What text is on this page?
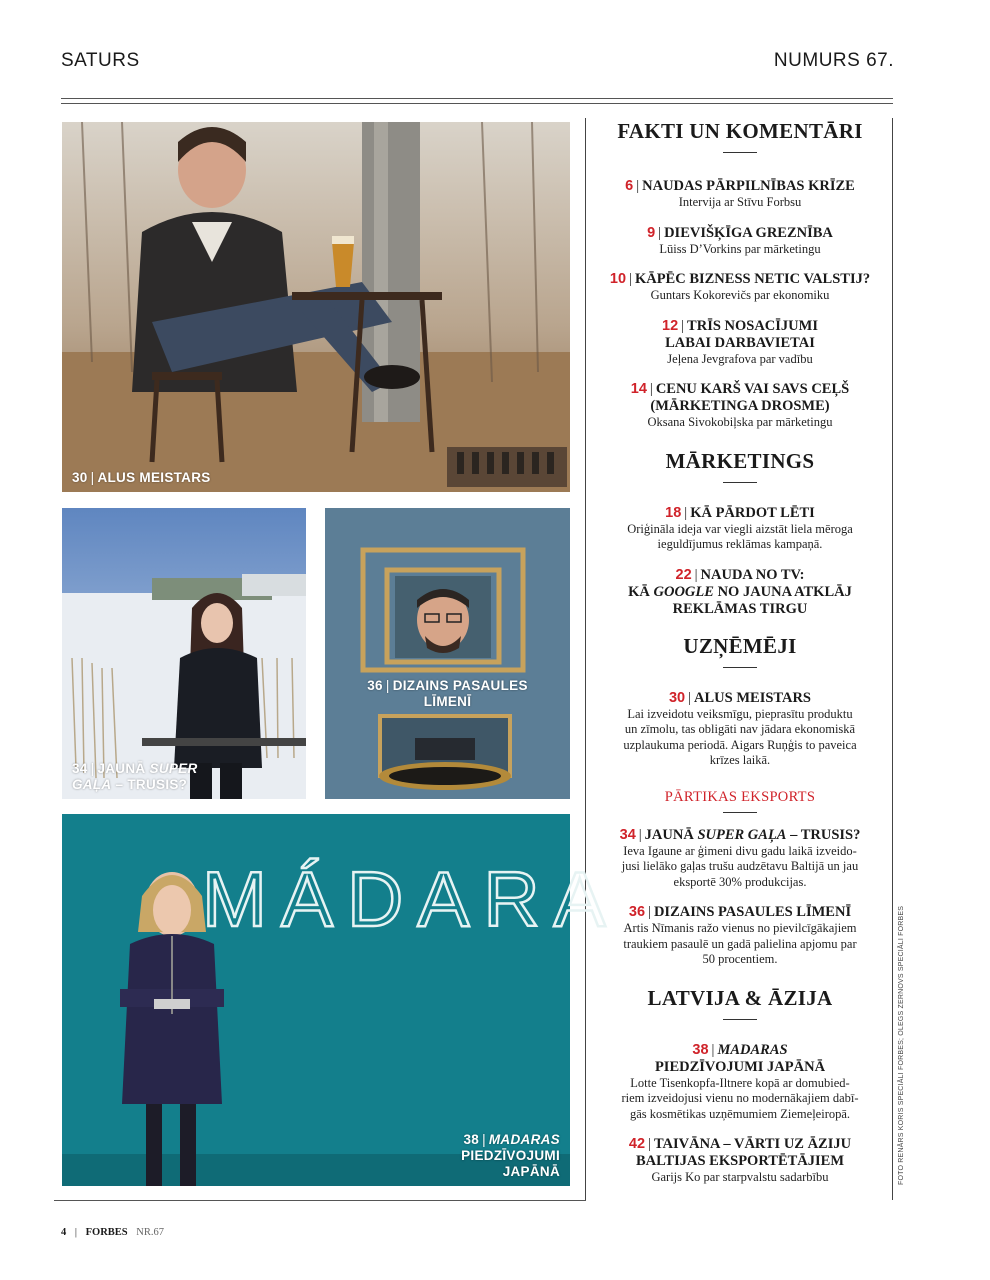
SATURS	NUMURS 67.
30 | ALUS MEISTARS
34 | JAUNĀ SUPER
GAĻA – TRUSIS?
36 | DIZAINS PASAULES
LĪMENĪ
MÁDARA
38 | MADARAS
PIEDZĪVOJUMI
JAPĀNĀ
FAKTI UN KOMENTĀRI
6 | NAUDAS PĀRPILNĪBAS KRĪZE
Intervija ar Stīvu Forbsu
9 | DIEVIŠĶĪGA GREZNĪBA
Lūiss D’Vorkins par mārketingu
10 | KĀPĒC BIZNESS NETIC VALSTIJ?
Guntars Kokorevičs par ekonomiku
12 | TRĪS NOSACĪJUMI
LABAI DARBAVIETAI
Jeļena Jevgrafova par vadību
14 | CENU KARŠ VAI SAVS CEĻŠ
(MĀRKETINGA DROSME)
Oksana Sivokobiļska par mārketingu
MĀRKETINGS
18 | KĀ PĀRDOT LĒTI
Oriģināla ideja var viegli aizstāt liela mēroga
ieguldījumus reklāmas kampaņā.
22 | NAUDA NO TV:
KĀ GOOGLE NO JAUNA ATKLĀJ
REKLĀMAS TIRGU
UZŅĒMĒJI
30 | ALUS MEISTARS
Lai izveidotu veiksmīgu, pieprasītu produktu
un zīmolu, tas obligāti nav jādara ekonomiskā
uzplaukuma periodā. Aigars Ruņģis to paveica
krīzes laikā.
PĀRTIKAS EKSPORTS
34 | JAUNĀ SUPER GAĻA – TRUSIS?
Ieva Igaune ar ģimeni divu gadu laikā izveido-
jusi lielāko gaļas trušu audzētavu Baltijā un jau
eksportē 30% produkcijas.
36 | DIZAINS PASAULES LĪMENĪ
Artis Nīmanis ražo vienus no pievilcīgākajiem
traukiem pasaulē un gadā palielina apjomu par
50 procentiem.
LATVIJA & ĀZIJA
38 | MADARAS
PIEDZĪVOJUMI JAPĀNĀ
Lotte Tisenkopfa-Iltnere kopā ar domubied-
riem izveidojusi vienu no modernākajiem dabī-
gās kosmētikas uzņēmumiem Ziemeļeiropā.
42 | TAIVĀNA – VĀRTI UZ ĀZIJU
BALTIJAS EKSPORTĒTĀJIEM
Garijs Ko par starpvalstu sadarbību	FOTO RENĀRS KORIS SPECIĀLI FORBES; OLEGS ZERNOVS SPECIĀLI FORBES
4 | FORBES NR.67
